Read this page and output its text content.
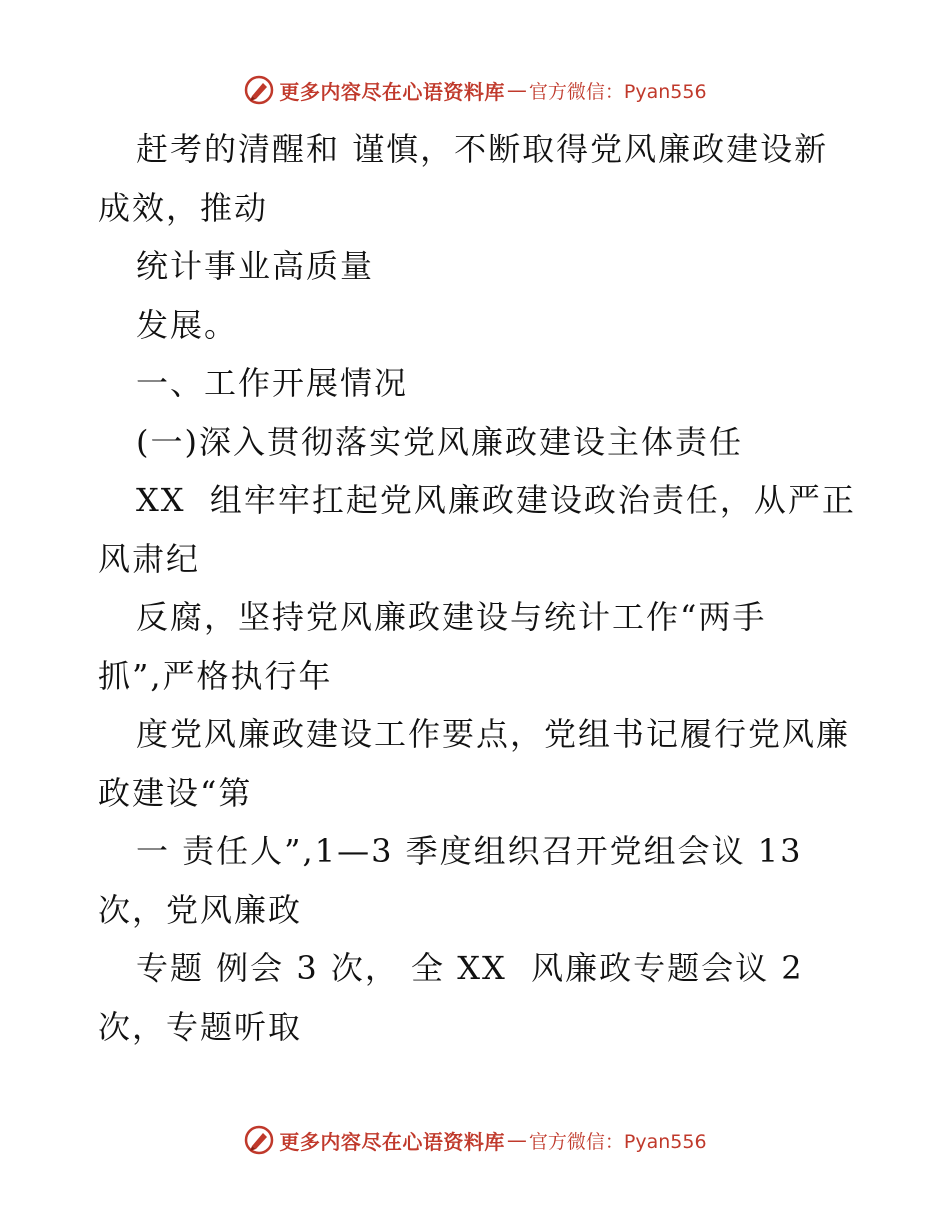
更多内容尽在心语资料库 — 官方微信：Pyan556
赶考的清醒和 谨慎，不断取得党风廉政建设新
成效，推动
统计事业高质量
发展。
一、工作开展情况
(一)深入贯彻落实党风廉政建设主体责任
XX  组牢牢扛起党风廉政建设政治责任，从严正
风肃纪
反腐，坚持党风廉政建设与统计工作“两手
抓”,严格执行年
度党风廉政建设工作要点，党组书记履行党风廉
政建设“第
一 责任人”,1—3 季度组织召开党组会议 13
次，党风廉政
专题 例会 3 次， 全 XX  风廉政专题会议 2
次，专题听取
更多内容尽在心语资料库 — 官方微信：Pyan556
